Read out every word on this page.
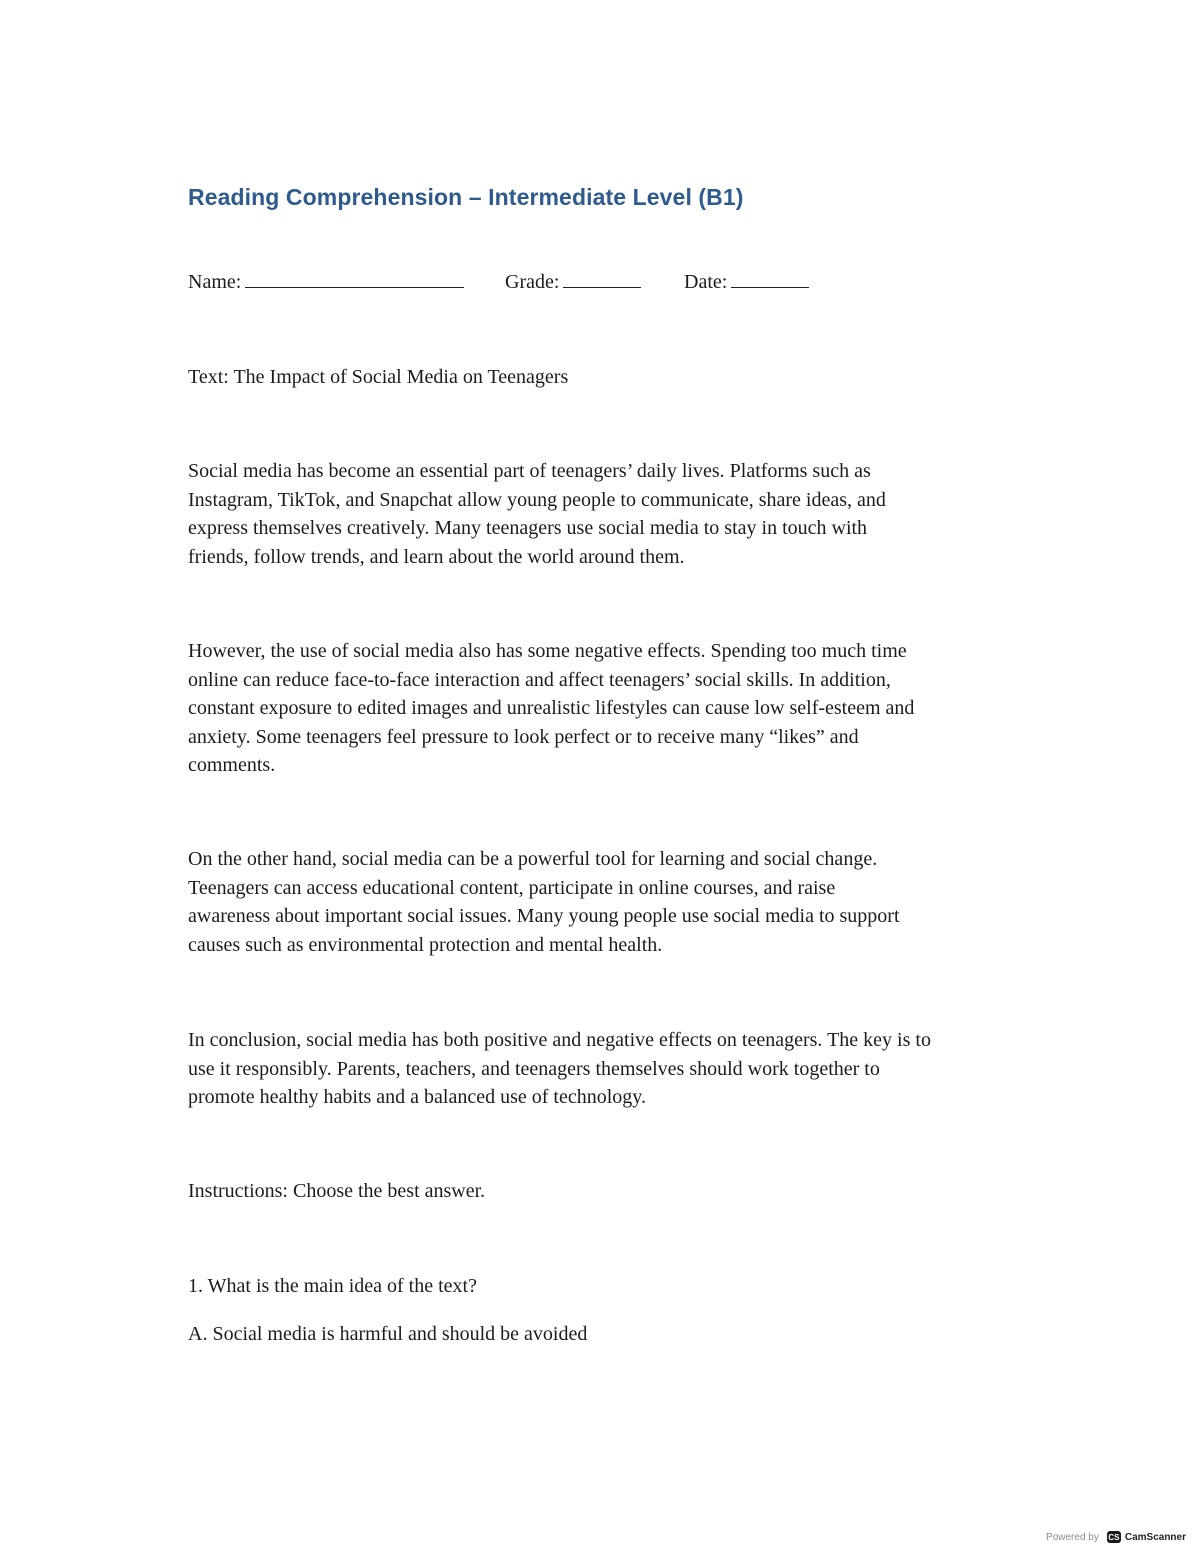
Reading Comprehension – Intermediate Level (B1)
Name:	Grade:	Date:
Text: The Impact of Social Media on Teenagers
Social media has become an essential part of teenagers’ daily lives. Platforms such as
Instagram, TikTok, and Snapchat allow young people to communicate, share ideas, and
express themselves creatively. Many teenagers use social media to stay in touch with
friends, follow trends, and learn about the world around them.
However, the use of social media also has some negative effects. Spending too much time
online can reduce face-to-face interaction and affect teenagers’ social skills. In addition,
constant exposure to edited images and unrealistic lifestyles can cause low self-esteem and
anxiety. Some teenagers feel pressure to look perfect or to receive many “likes” and
comments.
On the other hand, social media can be a powerful tool for learning and social change.
Teenagers can access educational content, participate in online courses, and raise
awareness about important social issues. Many young people use social media to support
causes such as environmental protection and mental health.
In conclusion, social media has both positive and negative effects on teenagers. The key is to
use it responsibly. Parents, teachers, and teenagers themselves should work together to
promote healthy habits and a balanced use of technology.
Instructions: Choose the best answer.
1. What is the main idea of the text?
A. Social media is harmful and should be avoided
Powered by CS CamScanner
